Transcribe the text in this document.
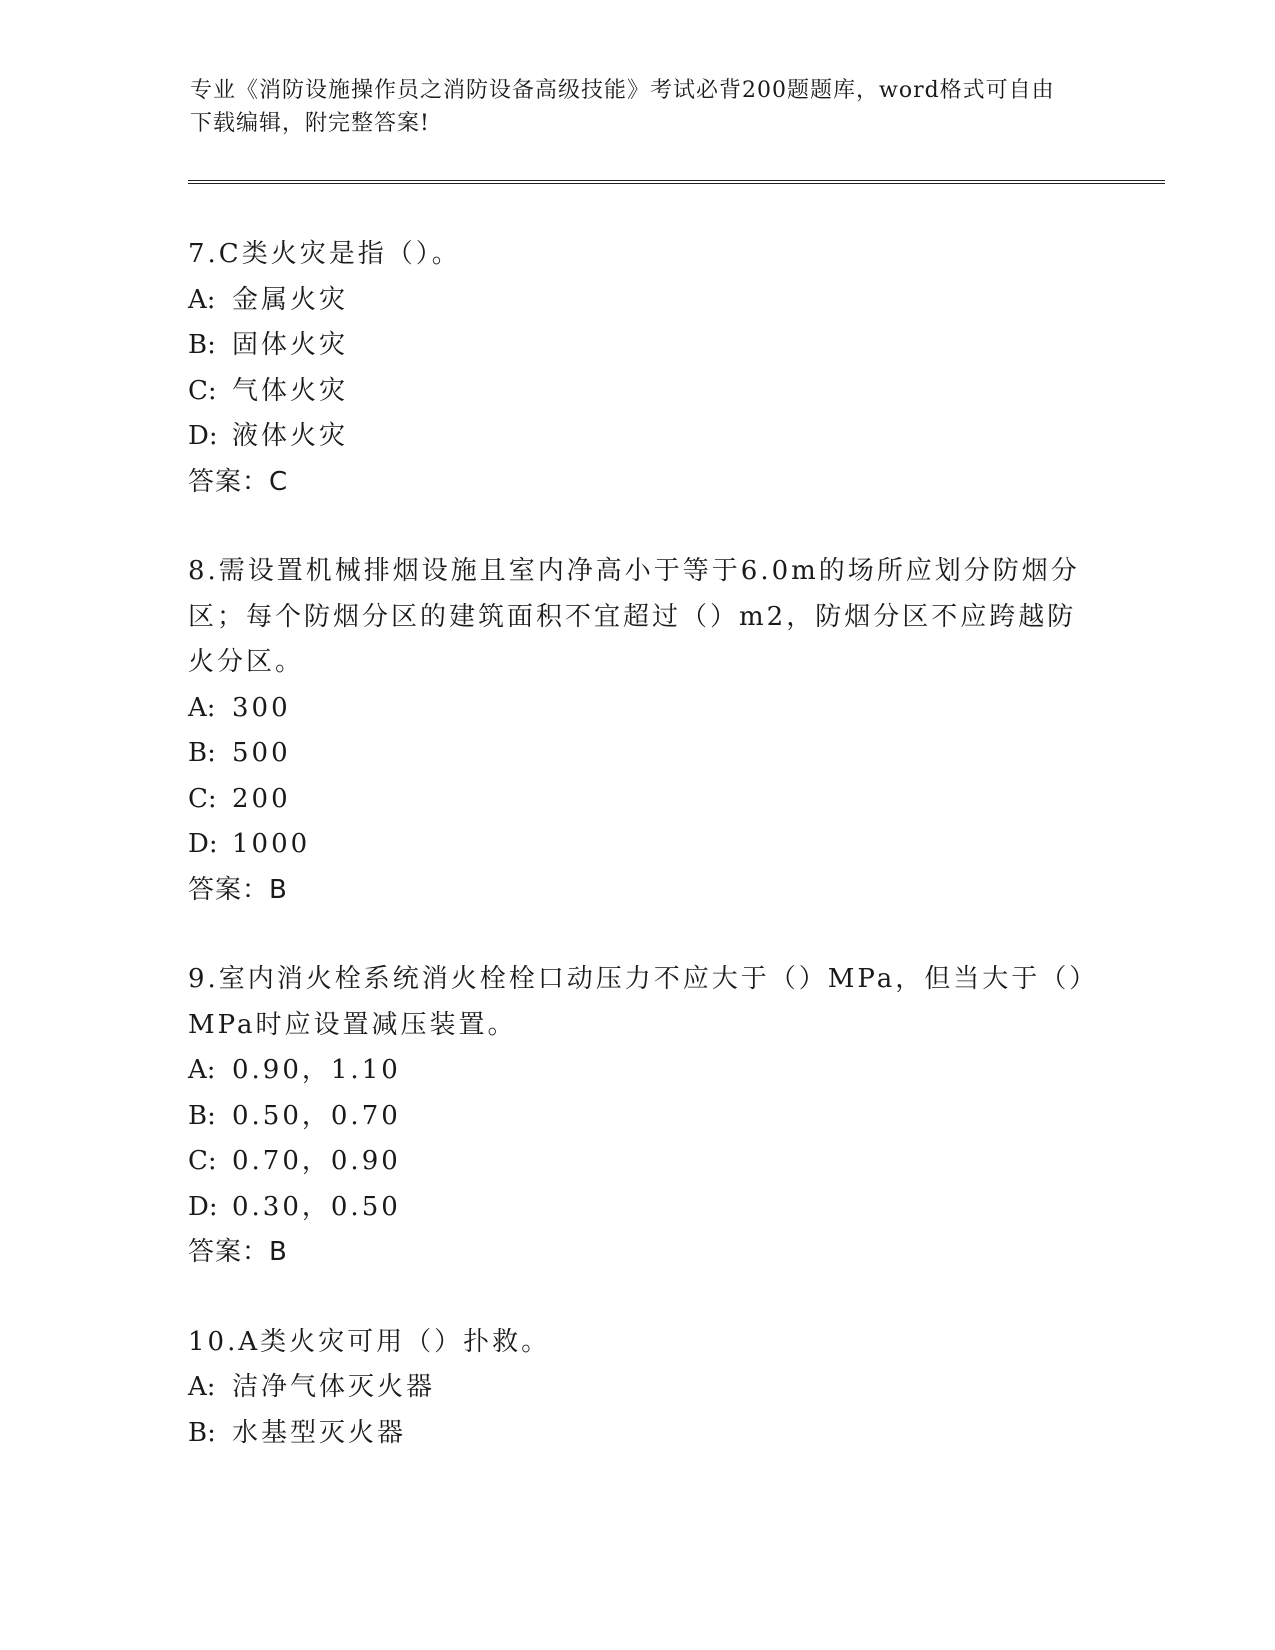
专业《消防设施操作员之消防设备高级技能》考试必背200题题库，word格式可自由下载编辑，附完整答案!

7.C类火灾是指（）。

A: 金属火灾

B: 固体火灾

C: 气体火灾

D: 液体火灾

答案：C

8.需设置机械排烟设施且室内净高小于等于6.0m的场所应划分防烟分区；每个防烟分区的建筑面积不宜超过（）m2，防烟分区不应跨越防火分区。

A: 300

B: 500

C: 200

D: 1000

答案：B

9.室内消火栓系统消火栓栓口动压力不应大于（）MPa，但当大于（）MPa时应设置减压装置。

A: 0.90，1.10

B: 0.50，0.70

C: 0.70，0.90

D: 0.30，0.50

答案：B

10.A类火灾可用（）扑救。

A: 洁净气体灭火器

B: 水基型灭火器
